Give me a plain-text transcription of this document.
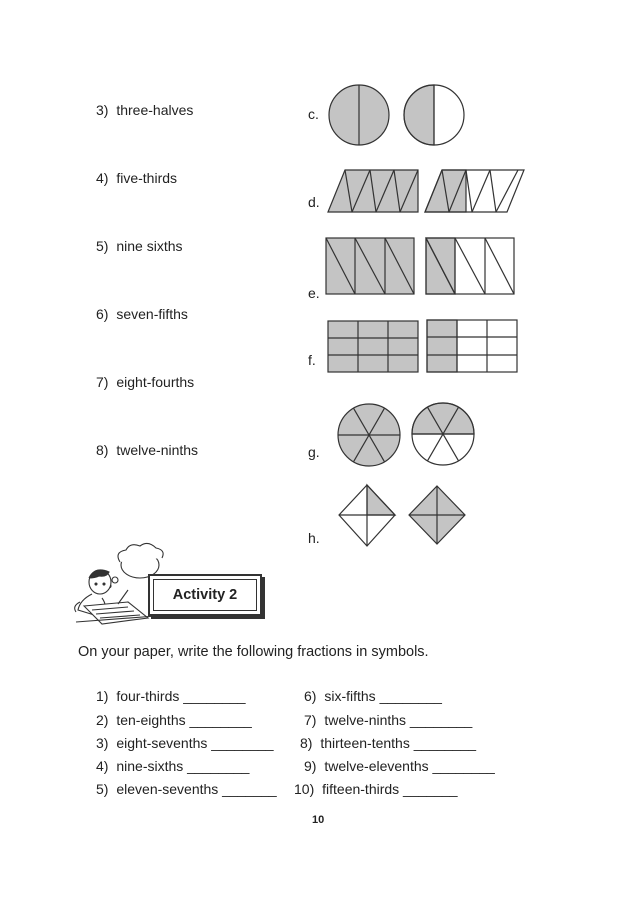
3) three-halves
4) five-thirds
5) nine sixths
6) seven-fifths
7) eight-fourths
8) twelve-ninths
c.
d.
e.
f.
g.
h.
Activity 2
On your paper, write the following fractions in symbols.
1) four-thirds ________
2) ten-eighths ________
3) eight-sevenths ________
4) nine-sixths ________
5) eleven-sevenths _______
6) six-fifths ________
7) twelve-ninths ________
8) thirteen-tenths ________
9) twelve-elevenths ________
10) fifteen-thirds _______
10
